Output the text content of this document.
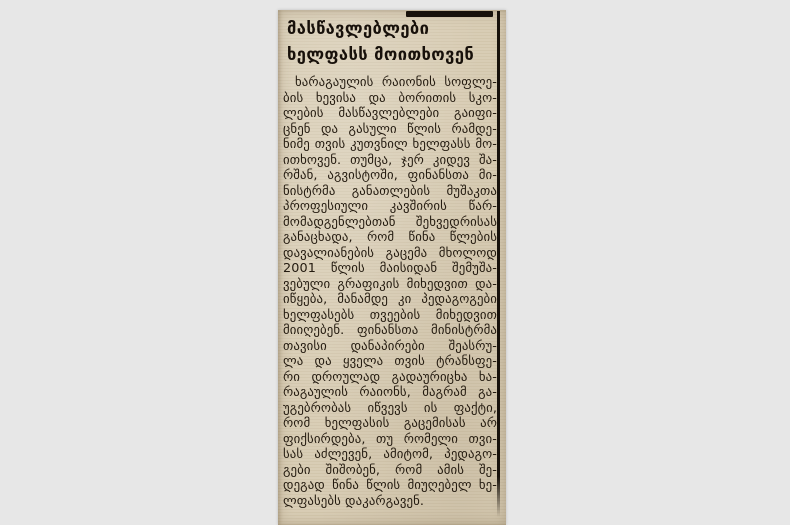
მასწავლებლები
ხელფასს მოითხოვენ
ხარაგაულის რაიონის სოფლე-
ბის ხევისა და ბორითის სკო-
ლების მასწავლებლები გაიფი-
ცნენ და გასული წლის რამდე-
ნიმე თვის კუთვნილ ხელფასს მო-
ითხოვენ. თუმცა, ჯერ კიდევ შა-
რშან, აგვისტოში, ფინანსთა მი-
ნისტრმა განათლების მუშაკთა
პროფესიული კავშირის წარ-
მომადგენლებთან შეხვედრისას
განაცხადა, რომ წინა წლების
დავალიანების გაცემა მხოლოდ
2001 წლის მაისიდან შემუშა-
ვებული გრაფიკის მიხედვით და-
იწყება, მანამდე კი პედაგოგები
ხელფასებს თვეების მიხედვით
მიიღებენ. ფინანსთა მინისტრმა
თავისი დანაპირები შეასრუ-
ლა და ყველა თვის ტრანსფე-
რი დროულად გადაურიცხა ხა-
რაგაულის რაიონს, მაგრამ გა-
უგებრობას იწვევს ის ფაქტი,
რომ ხელფასის გაცემისას არ
ფიქსირდება, თუ რომელი თვი-
სას აძლევენ, ამიტომ, პედაგო-
გები შიშობენ, რომ ამის შე-
დეგად წინა წლის მიუღებელ ხე-
ლფასებს დაკარგავენ.
